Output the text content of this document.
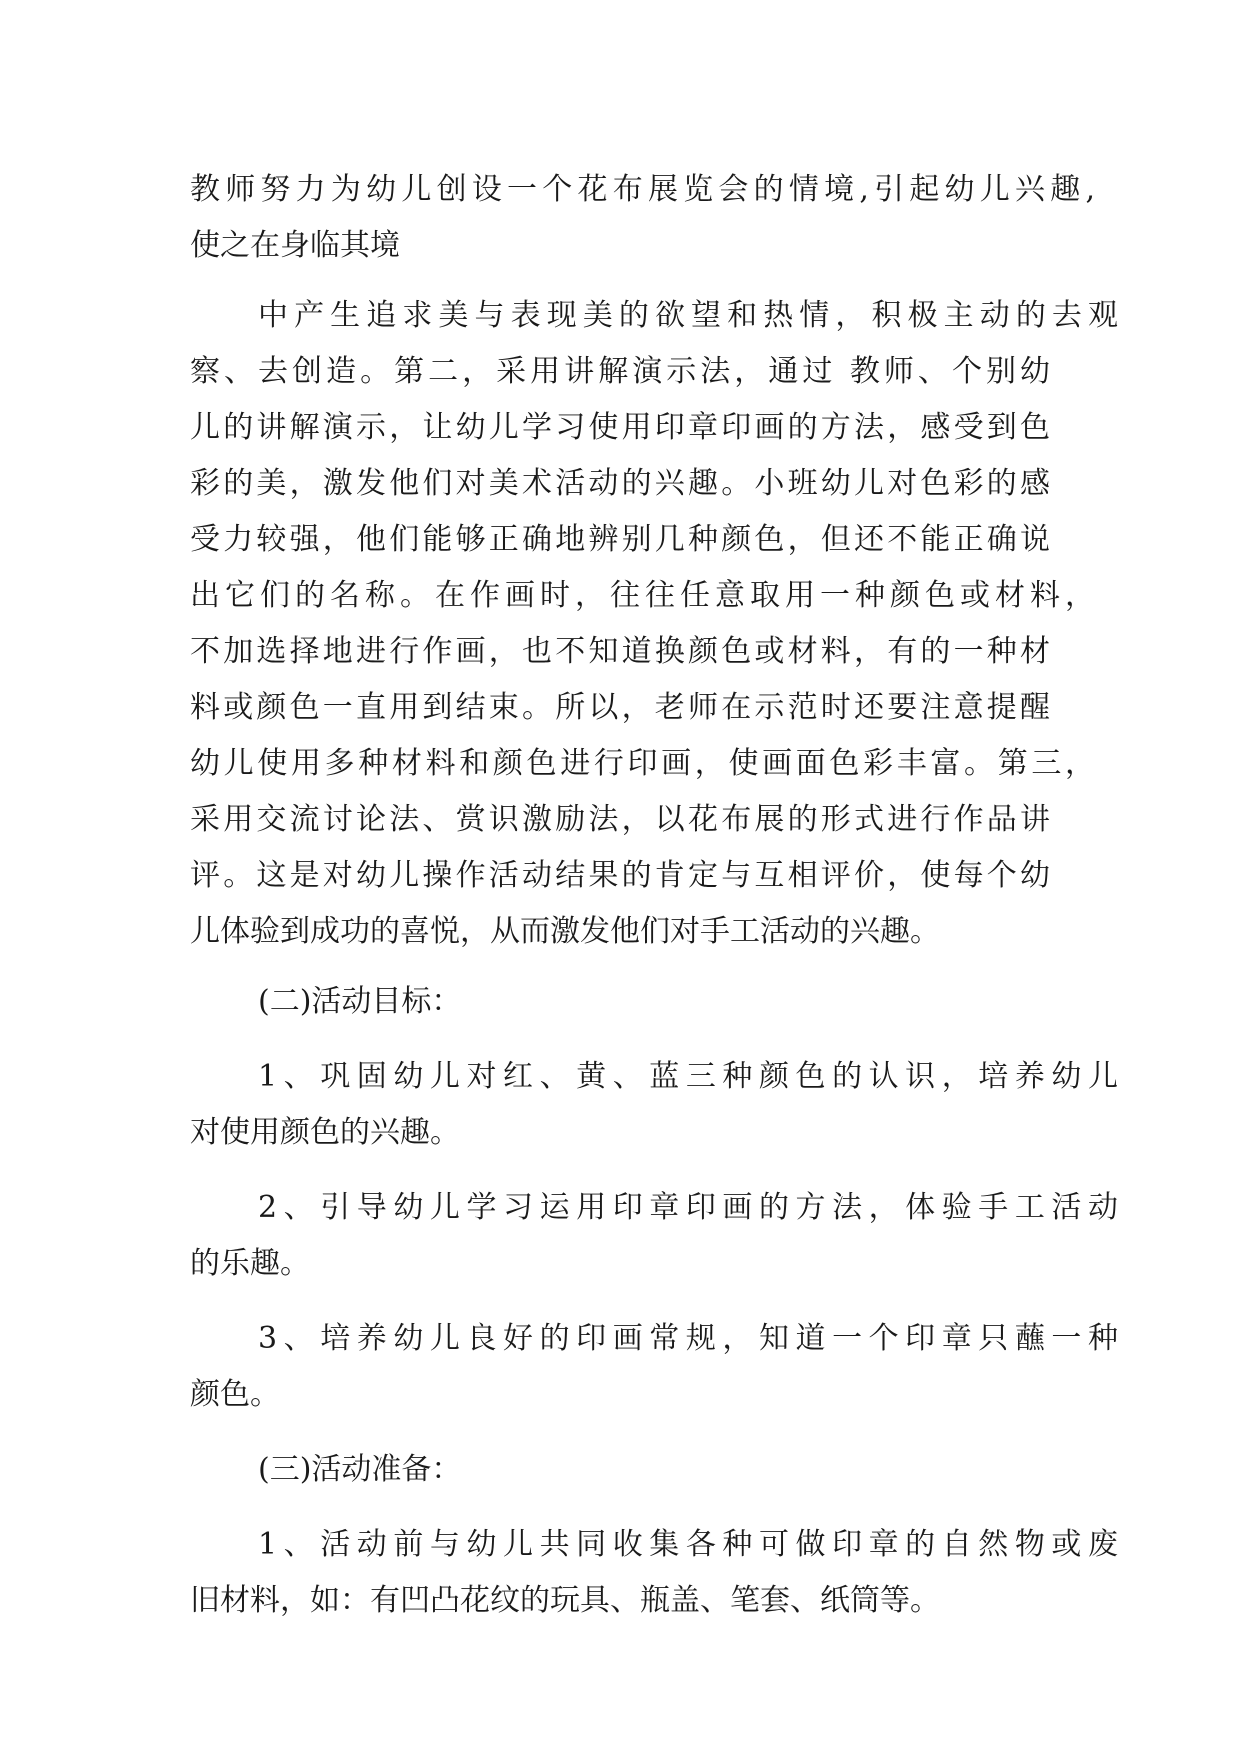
教师努力为幼儿创设一个花布展览会的情境,引起幼儿兴趣,
使之在身临其境
中产生追求美与表现美的欲望和热情，积极主动的去观
察、去创造。第二，采用讲解演示法，通过 教师、个别幼
儿的讲解演示，让幼儿学习使用印章印画的方法，感受到色
彩的美，激发他们对美术活动的兴趣。小班幼儿对色彩的感
受力较强，他们能够正确地辨别几种颜色，但还不能正确说
出它们的名称。在作画时，往往任意取用一种颜色或材料，
不加选择地进行作画，也不知道换颜色或材料，有的一种材
料或颜色一直用到结束。所以，老师在示范时还要注意提醒
幼儿使用多种材料和颜色进行印画，使画面色彩丰富。第三，
采用交流讨论法、赏识激励法，以花布展的形式进行作品讲
评。这是对幼儿操作活动结果的肯定与互相评价，使每个幼
儿体验到成功的喜悦，从而激发他们对手工活动的兴趣。
(二)活动目标：
1、巩固幼儿对红、黄、蓝三种颜色的认识，培养幼儿
对使用颜色的兴趣。
2、引导幼儿学习运用印章印画的方法，体验手工活动
的乐趣。
3、培养幼儿良好的印画常规，知道一个印章只蘸一种
颜色。
(三)活动准备：
1、活动前与幼儿共同收集各种可做印章的自然物或废
旧材料，如：有凹凸花纹的玩具、瓶盖、笔套、纸筒等。
